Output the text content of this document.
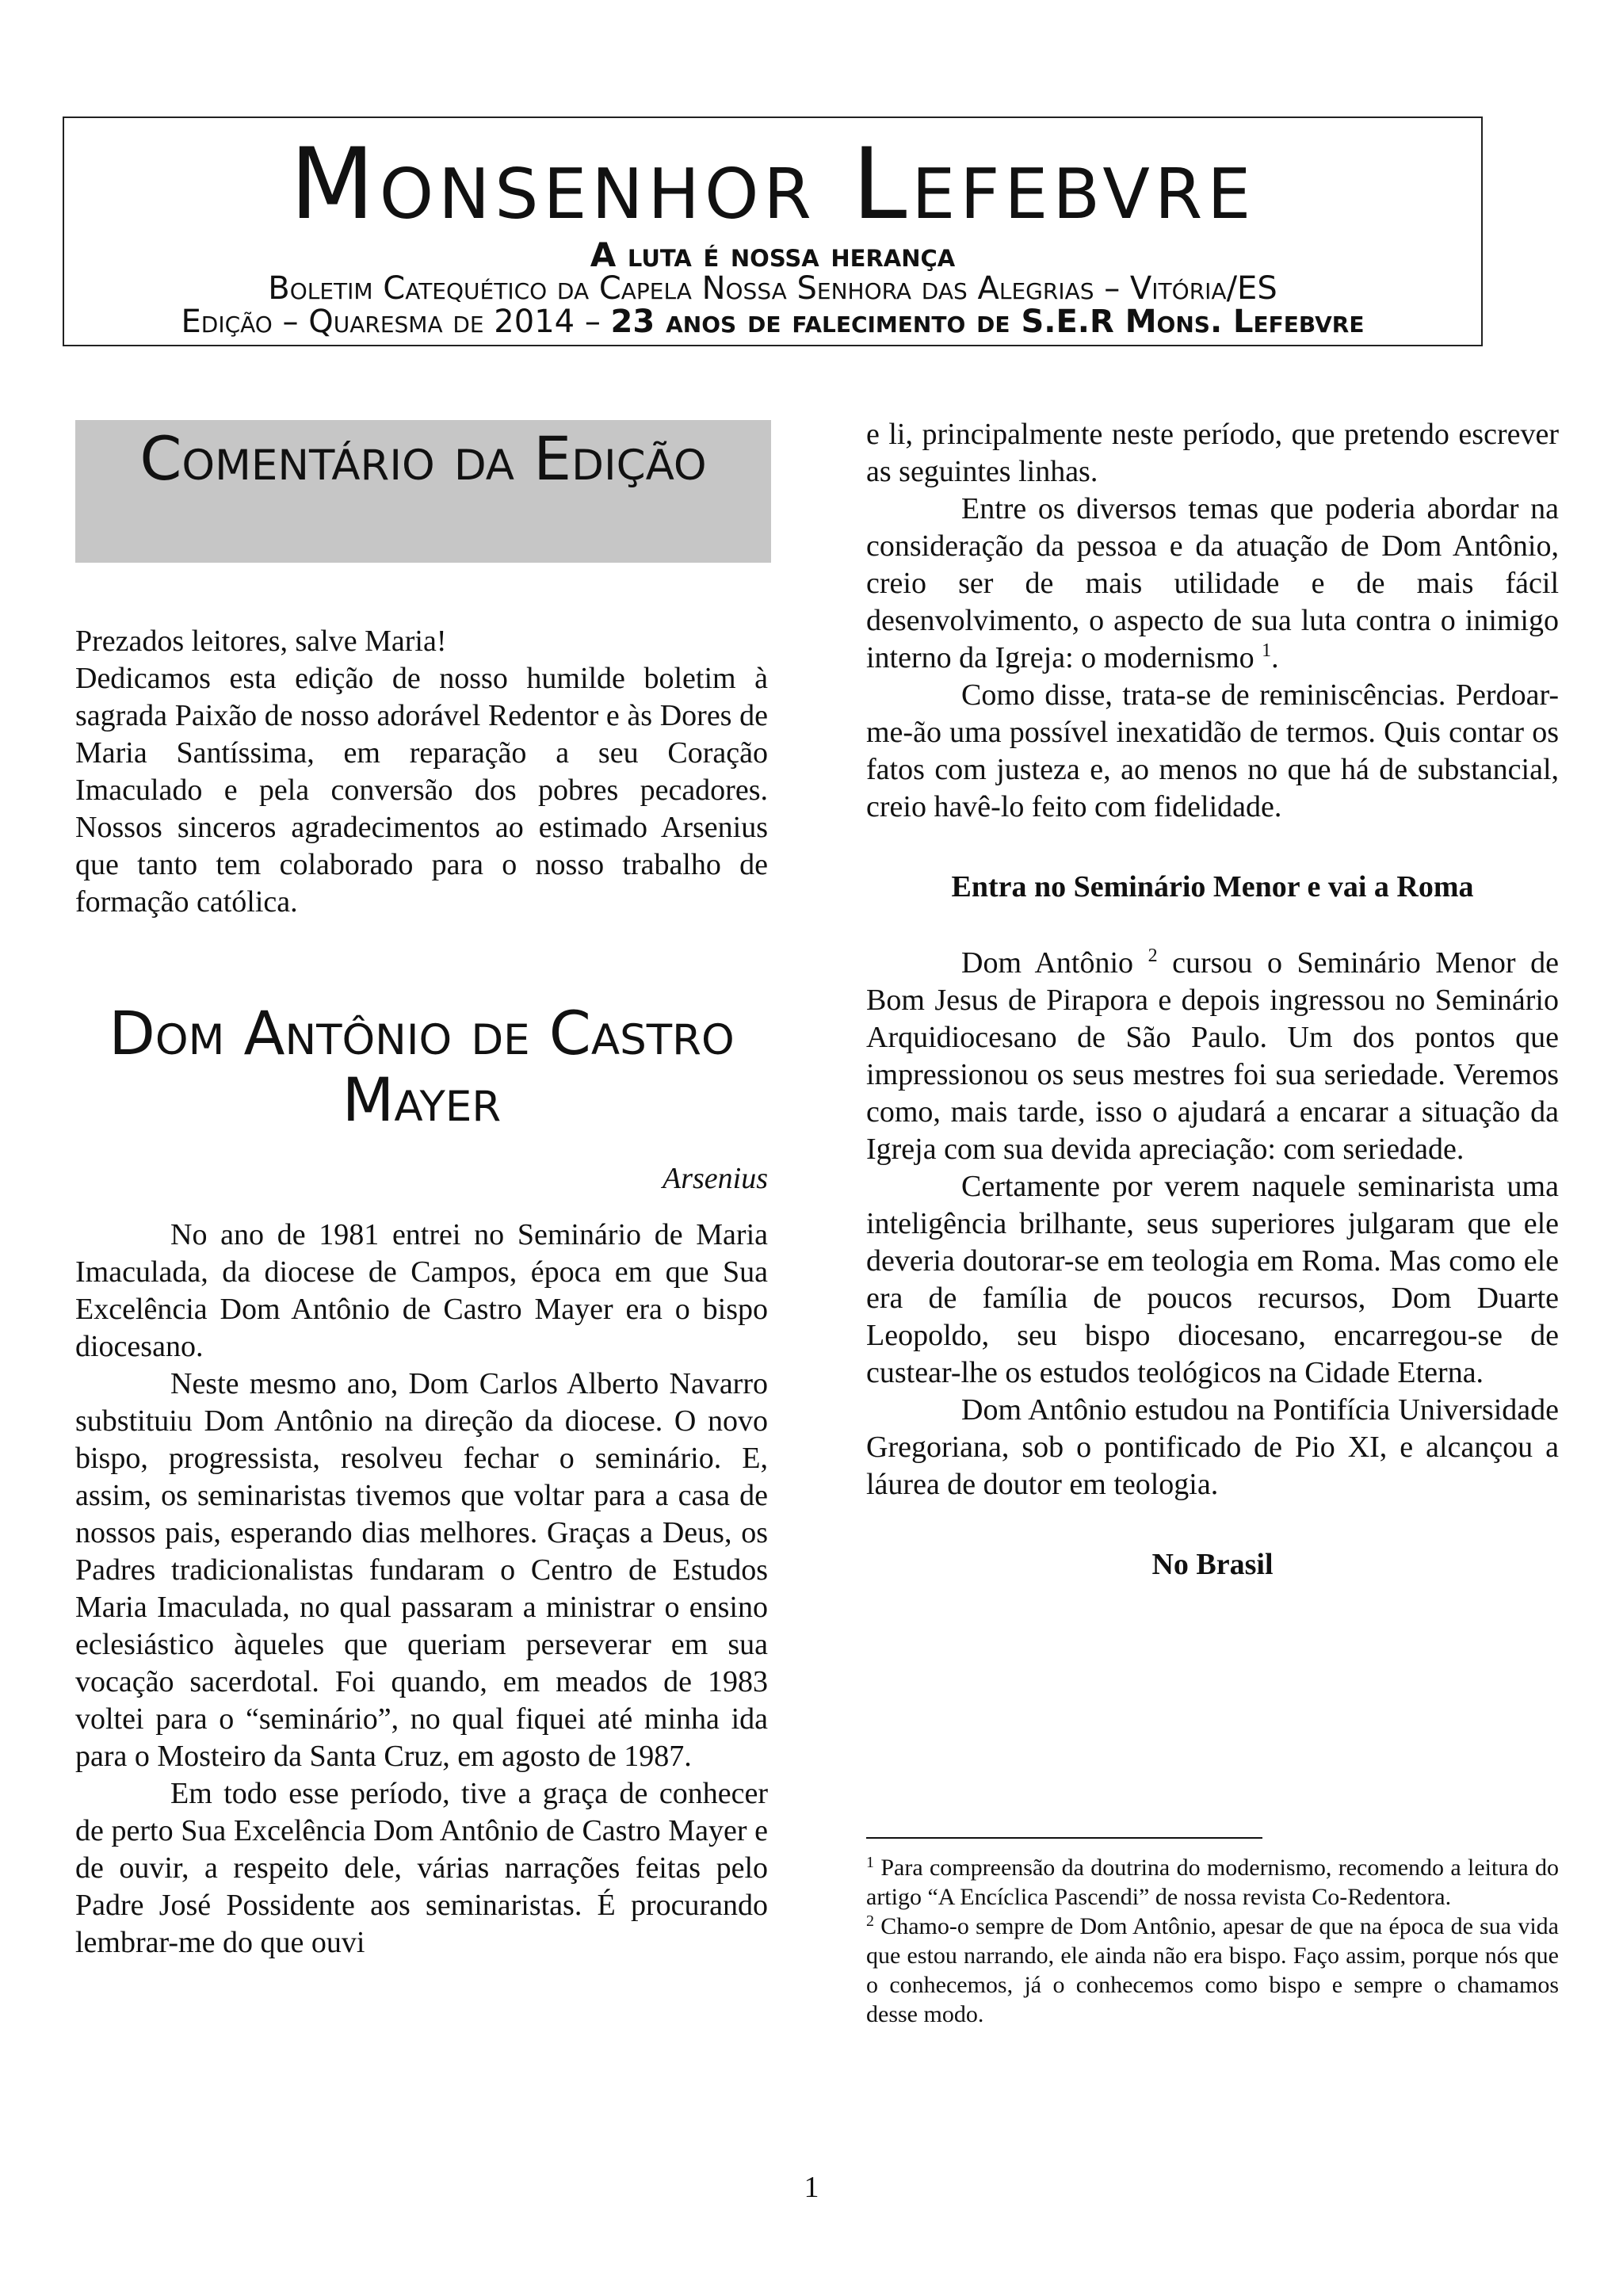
Monsenhor Lefebvre
A luta é nossa herança
Boletim Catequético da Capela Nossa Senhora das Alegrias – Vitória/ES
Edição – Quaresma de 2014 – 23 anos de falecimento de S.E.R Mons. Lefebvre
Comentário da Edição

Prezados leitores, salve Maria!

Dedicamos esta edição de nosso humilde boletim à sagrada Paixão de nosso adorável Redentor e às Dores de Maria Santíssima, em reparação a seu Coração Imaculado e pela conversão dos pobres pecadores. Nossos sinceros agradecimentos ao estimado Arsenius que tanto tem colaborado para o nosso trabalho de formação católica.

Dom Antônio de Castro Mayer
Arsenius

No ano de 1981 entrei no Seminário de Maria Imaculada, da diocese de Campos, época em que Sua Excelência Dom Antônio de Castro Mayer era o bispo diocesano.

Neste mesmo ano, Dom Carlos Alberto Navarro substituiu Dom Antônio na direção da diocese. O novo bispo, progressista, resolveu fechar o seminário. E, assim, os seminaristas tivemos que voltar para a casa de nossos pais, esperando dias melhores. Graças a Deus, os Padres tradicionalistas fundaram o Centro de Estudos Maria Imaculada, no qual passaram a ministrar o ensino eclesiástico àqueles que queriam perseverar em sua vocação sacerdotal. Foi quando, em meados de 1983 voltei para o “seminário”, no qual fiquei até minha ida para o Mosteiro da Santa Cruz, em agosto de 1987.

Em todo esse período, tive a graça de conhecer de perto Sua Excelência Dom Antônio de Castro Mayer e de ouvir, a respeito dele, várias narrações feitas pelo Padre José Possidente aos seminaristas. É procurando lembrar-me do que ouvi

e li, principalmente neste período, que pretendo escrever as seguintes linhas.

Entre os diversos temas que poderia abordar na consideração da pessoa e da atuação de Dom Antônio, creio ser de mais utilidade e de mais fácil desenvolvimento, o aspecto de sua luta contra o inimigo interno da Igreja: o modernismo $^1$.

Como disse, trata-se de reminiscências. Perdoar-me-ão uma possível inexatidão de termos. Quis contar os fatos com justeza e, ao menos no que há de substancial, creio havê-lo feito com fidelidade.

Entra no Seminário Menor e vai a Roma

Dom Antônio $^2$ cursou o Seminário Menor de Bom Jesus de Pirapora e depois ingressou no Seminário Arquidiocesano de São Paulo. Um dos pontos que impressionou os seus mestres foi sua seriedade. Veremos como, mais tarde, isso o ajudará a encarar a situação da Igreja com sua devida apreciação: com seriedade.

Certamente por verem naquele seminarista uma inteligência brilhante, seus superiores julgaram que ele deveria doutorar-se em teologia em Roma. Mas como ele era de família de poucos recursos, Dom Duarte Leopoldo, seu bispo diocesano, encarregou-se de custear-lhe os estudos teológicos na Cidade Eterna.

Dom Antônio estudou na Pontifícia Universidade Gregoriana, sob o pontificado de Pio XI, e alcançou a láurea de doutor em teologia.

No Brasil

$^1$ Para compreensão da doutrina do modernismo, recomendo a leitura do artigo “A Encíclica Pascendi” de nossa revista Co-Redentora.

$^2$ Chamo-o sempre de Dom Antônio, apesar de que na época de sua vida que estou narrando, ele ainda não era bispo. Faço assim, porque nós que o conhecemos, já o conhecemos como bispo e sempre o chamamos desse modo.

1
